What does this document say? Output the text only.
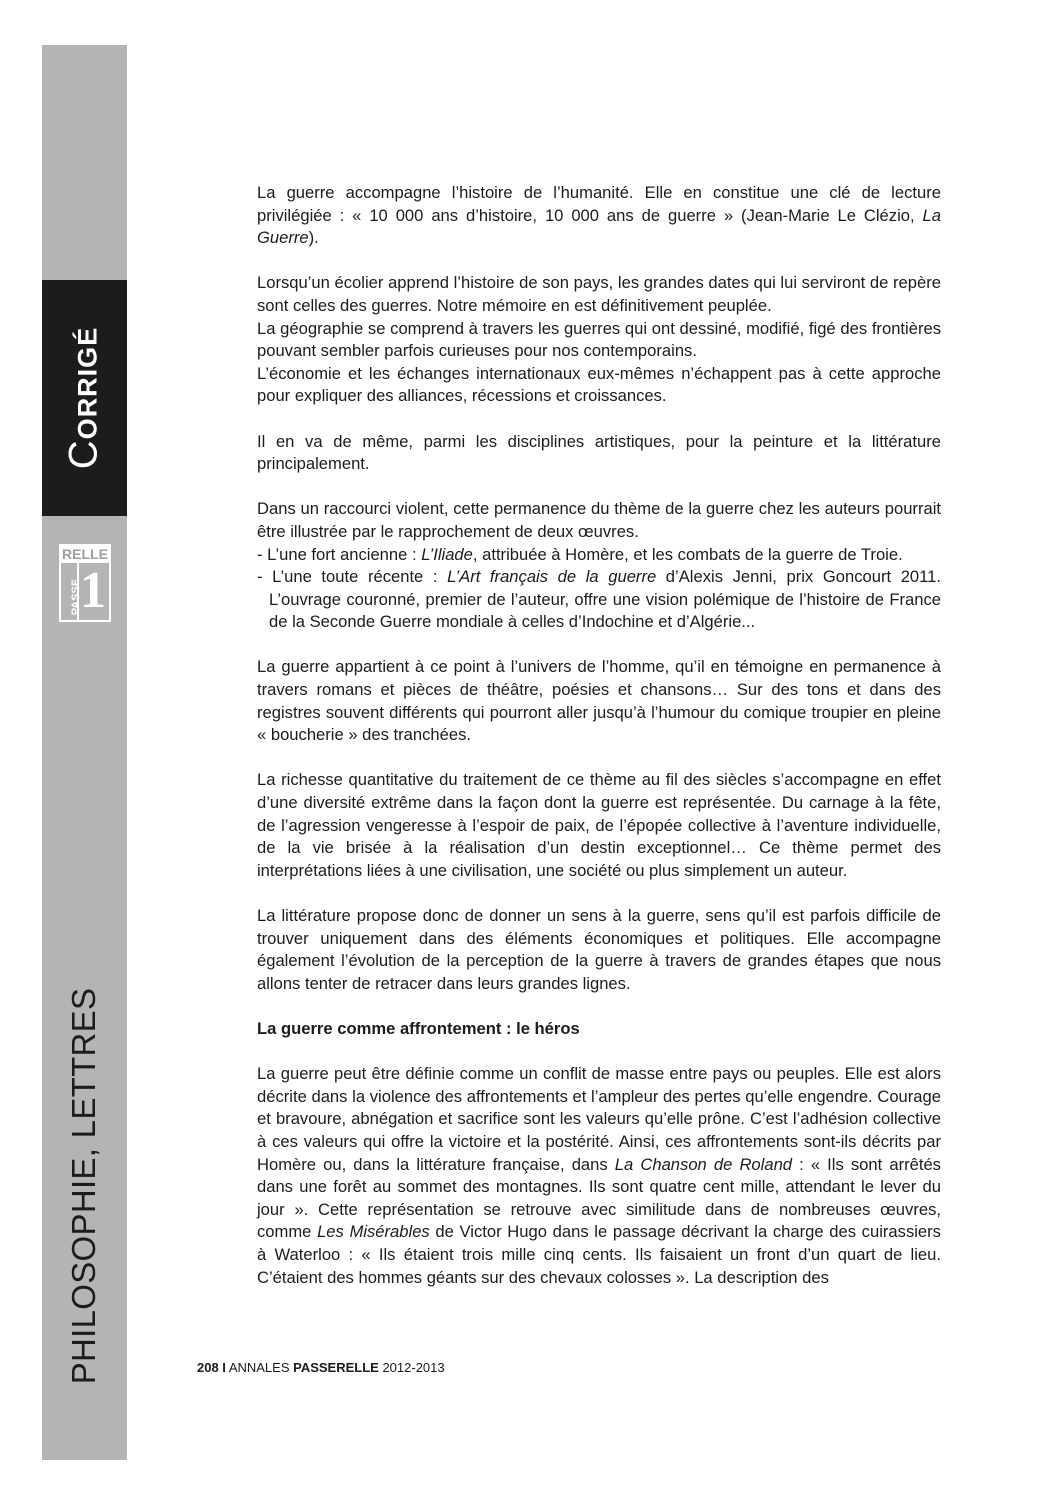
CORRIGÉ
RELLE
PASSE
1
PHILOSOPHIE, LETTRES

La guerre accompagne l’histoire de l’humanité. Elle en constitue une clé de lecture privilégiée : « 10 000 ans d’histoire, 10 000 ans de guerre » (Jean-Marie Le Clézio, La Guerre).

Lorsqu’un écolier apprend l’histoire de son pays, les grandes dates qui lui serviront de repère sont celles des guerres. Notre mémoire en est définitivement peuplée.

La géographie se comprend à travers les guerres qui ont dessiné, modifié, figé des frontières pouvant sembler parfois curieuses pour nos contemporains.

L’économie et les échanges internationaux eux-mêmes n’échappent pas à cette approche pour expliquer des alliances, récessions et croissances.

Il en va de même, parmi les disciplines artistiques, pour la peinture et la littérature principalement.

Dans un raccourci violent, cette permanence du thème de la guerre chez les auteurs pourrait être illustrée par le rapprochement de deux œuvres.

- L’une fort ancienne : L’Iliade, attribuée à Homère, et les combats de la guerre de Troie.

- L’une toute récente : L’Art français de la guerre d’Alexis Jenni, prix Goncourt 2011. L’ouvrage couronné, premier de l’auteur, offre une vision polémique de l’histoire de France de la Seconde Guerre mondiale à celles d’Indochine et d’Algérie...

La guerre appartient à ce point à l’univers de l’homme, qu’il en témoigne en permanence à travers romans et pièces de théâtre, poésies et chansons… Sur des tons et dans des registres souvent différents qui pourront aller jusqu’à l’humour du comique troupier en pleine « boucherie » des tranchées.

La richesse quantitative du traitement de ce thème au fil des siècles s’accompagne en effet d’une diversité extrême dans la façon dont la guerre est représentée. Du carnage à la fête, de l’agression vengeresse à l’espoir de paix, de l’épopée collective à l’aventure individuelle, de la vie brisée à la réalisation d’un destin exceptionnel… Ce thème permet des interprétations liées à une civilisation, une société ou plus simplement un auteur.

La littérature propose donc de donner un sens à la guerre, sens qu’il est parfois difficile de trouver uniquement dans des éléments économiques et politiques. Elle accompagne également l’évolution de la perception de la guerre à travers de grandes étapes que nous allons tenter de retracer dans leurs grandes lignes.

La guerre comme affrontement : le héros

La guerre peut être définie comme un conflit de masse entre pays ou peuples. Elle est alors décrite dans la violence des affrontements et l’ampleur des pertes qu’elle engendre. Courage et bravoure, abnégation et sacrifice sont les valeurs qu’elle prône. C’est l’adhésion collective à ces valeurs qui offre la victoire et la postérité. Ainsi, ces affrontements sont-ils décrits par Homère ou, dans la littérature française, dans La Chanson de Roland : « Ils sont arrêtés dans une forêt au sommet des montagnes. Ils sont quatre cent mille, attendant le lever du jour ». Cette représentation se retrouve avec similitude dans de nombreuses œuvres, comme Les Misérables de Victor Hugo dans le passage décrivant la charge des cuirassiers à Waterloo : « Ils étaient trois mille cinq cents. Ils faisaient un front d’un quart de lieu. C’étaient des hommes géants sur des chevaux colosses ». La description des

208 I ANNALES PASSERELLE 2012-2013
